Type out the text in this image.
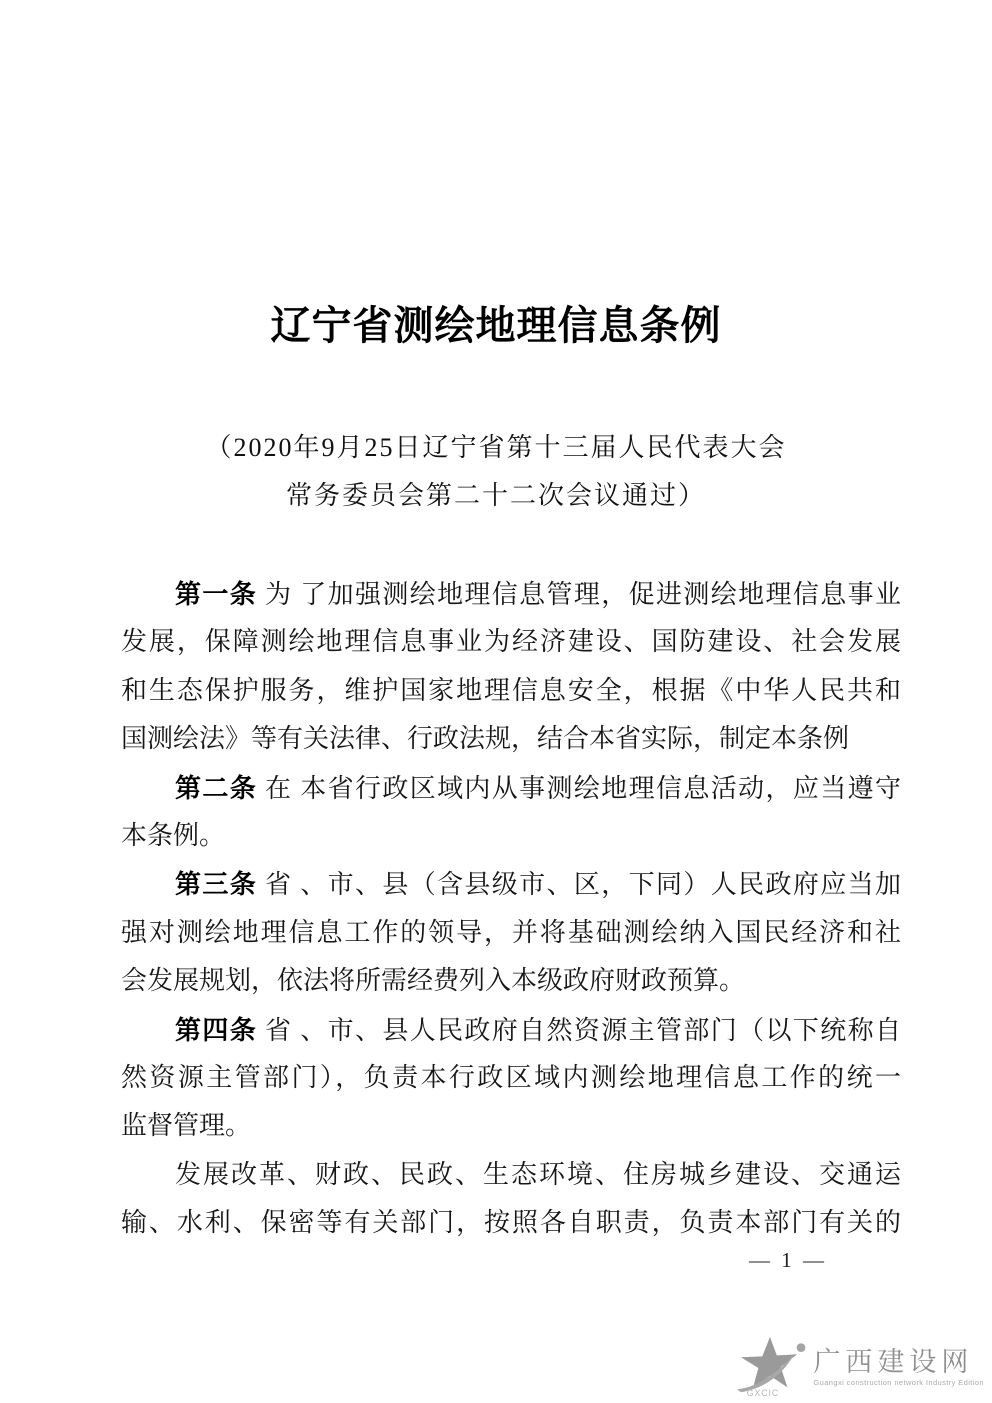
辽宁省测绘地理信息条例
（2020年9月25日辽宁省第十三届人民代表大会
常务委员会第二十二次会议通过）
第一条 为 了加强测绘地理信息管理，促进测绘地理信息事业
发展，保障测绘地理信息事业为经济建设、国防建设、社会发展
和生态保护服务，维护国家地理信息安全，根据《中华人民共和
国测绘法》等有关法律、行政法规，结合本省实际，制定本条例
第二条 在 本省行政区域内从事测绘地理信息活动，应当遵守
本条例。
第三条 省 、市、县（含县级市、区，下同）人民政府应当加
强对测绘地理信息工作的领导，并将基础测绘纳入国民经济和社
会发展规划，依法将所需经费列入本级政府财政预算。
第四条 省 、市、县人民政府自然资源主管部门（以下统称自
然资源主管部门），负责本行政区域内测绘地理信息工作的统一
监督管理。
发展改革、财政、民政、生态环境、住房城乡建设、交通运
输、水利、保密等有关部门，按照各自职责，负责本部门有关的
— 1 —
GXCIC
广西建设网
Guangxi construction network Industry Edition
